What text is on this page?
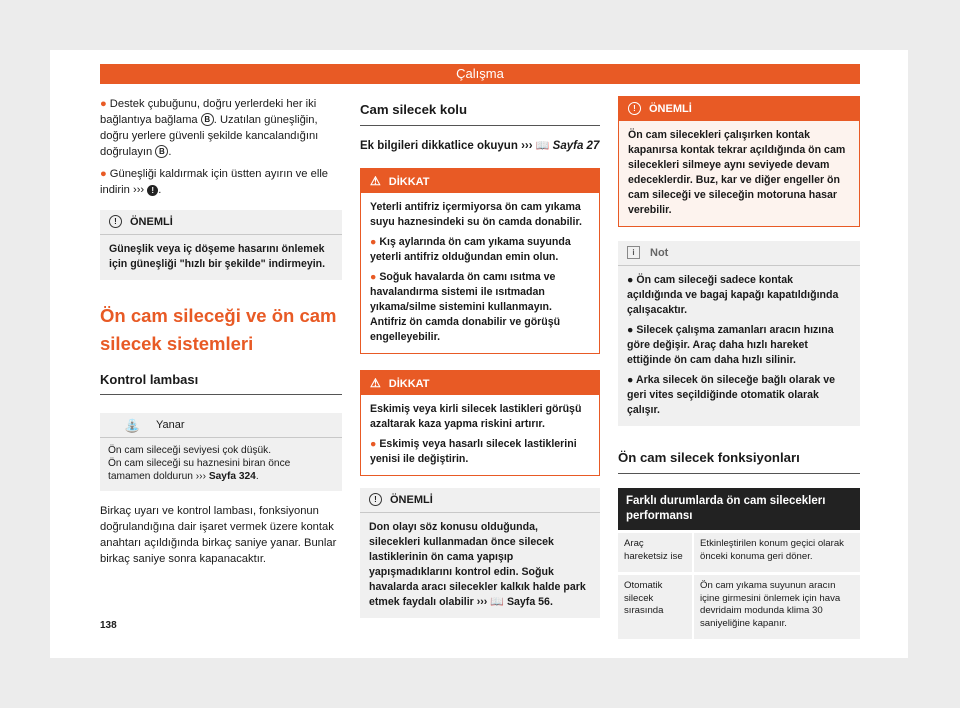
Çalışma

● Destek çubuğunu, doğru yerlerdeki her iki bağlantıya bağlama B . Uzatılan güneşliğin, doğru yerlere güvenli şekilde kancalandığını doğrulayın B .

● Güneşliği kaldırmak için üstten ayırın ve elle indirin ››› ! .

! ÖNEMLİ
Güneşlik veya iç döşeme hasarını önlemek için güneşliği "hızlı bir şekilde" indirmeyin.
Ön cam sileceği ve ön cam silecek sistemleri
Kontrol lambası
⛲ Yanar
Ön cam sileceği seviyesi çok düşük.
Ön cam sileceği su haznesini biran önce tamamen doldurun ››› Sayfa 324.

Birkaç uyarı ve kontrol lambası, fonksiyonun doğrulandığına dair işaret vermek üzere kontak anahtarı açıldığında birkaç saniye yanar. Bunlar birkaç saniye sonra kapanacaktır.

Cam silecek kolu

Ek bilgileri dikkatlice okuyun ››› 📖 Sayfa 27

⚠ DİKKAT
Yeterli antifriz içermiyorsa ön cam yıkama suyu haznesindeki su ön camda donabilir.
● Kış aylarında ön cam yıkama suyunda yeterli antifriz olduğundan emin olun.
● Soğuk havalarda ön camı ısıtma ve havalandırma sistemi ile ısıtmadan yıkama/silme sistemini kullanmayın. Antifriz ön camda donabilir ve görüşü engelleyebilir.
⚠ DİKKAT
Eskimiş veya kirli silecek lastikleri görüşü azaltarak kaza yapma riskini artırır.
● Eskimiş veya hasarlı silecek lastiklerini yenisi ile değiştirin.
! ÖNEMLİ
Don olayı söz konusu olduğunda, silecekleri kullanmadan önce silecek lastiklerinin ön cama yapışıp yapışmadıklarını kontrol edin. Soğuk havalarda aracı silecekler kalkık halde park etmek faydalı olabilir ››› 📖 Sayfa 56.
! ÖNEMLİ
Ön cam silecekleri çalışırken kontak kapanırsa kontak tekrar açıldığında ön cam silecekleri silmeye aynı seviyede devam edeceklerdir. Buz, kar ve diğer engeller ön cam sileceği ve sileceğin motoruna hasar verebilir.
i Not
● Ön cam sileceği sadece kontak açıldığında ve bagaj kapağı kapatıldığında çalışacaktır.
● Silecek çalışma zamanları aracın hızına göre değişir. Araç daha hızlı hareket ettiğinde ön cam daha hızlı silinir.
● Arka silecek ön sileceğe bağlı olarak ve geri vites seçildiğinde otomatik olarak çalışır.
Ön cam silecek fonksiyonları
Farklı durumlarda ön cam sileceklerı performansı	
Araç hareketsiz ise	Etkinleştirilen konum geçici olarak önceki konuma geri döner.
Otomatik silecek sırasında	Ön cam yıkama suyunun aracın içine girmesini önlemek için hava devridaim modunda klima 30 saniyeliğine kapanır.
138
